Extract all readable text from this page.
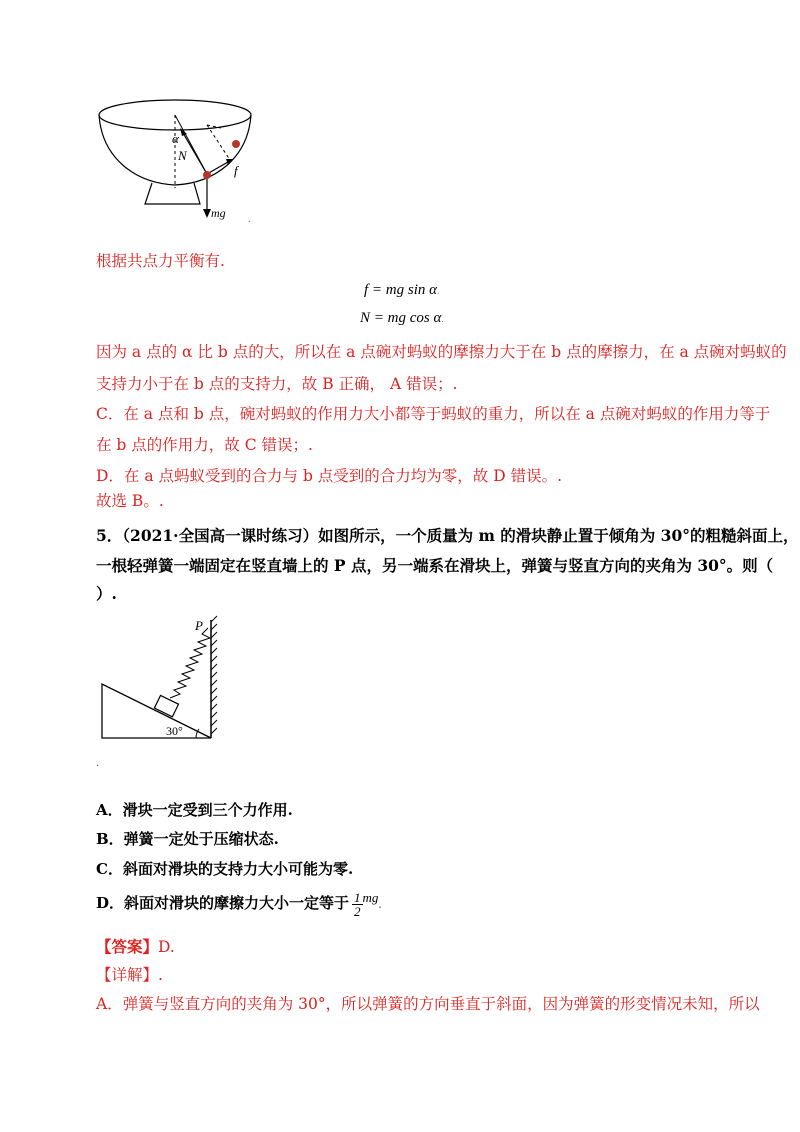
α
N
f
mg .
根据共点力平衡有.
f = mg sin α.
N = mg cos α.
因为 a 点的 α 比 b 点的大，所以在 a 点碗对蚂蚁的摩擦力大于在 b 点的摩擦力，在 a 点碗对蚂蚁的
支持力小于在 b 点的支持力，故 B 正确， A 错误；.
C．在 a 点和 b 点，碗对蚂蚁的作用力大小都等于蚂蚁的重力，所以在 a 点碗对蚂蚁的作用力等于
在 b 点的作用力，故 C 错误；.
D．在 a 点蚂蚁受到的合力与 b 点受到的合力均为零，故 D 错误。.
故选 B。.
5．（2021·全国高一课时练习）如图所示，一个质量为 m 的滑块静止置于倾角为 30°的粗糙斜面上，
一根轻弹簧一端固定在竖直墙上的 P 点，另一端系在滑块上，弹簧与竖直方向的夹角为 30°。则（
）.
P
30°
.
A．滑块一定受到三个力作用.
B．弹簧一定处于压缩状态.
C．斜面对滑块的支持力大小可能为零.
D．斜面对滑块的摩擦力大小一定等于 $\frac{1}{2}$ mg.
【答案】D.
【详解】.
A．弹簧与竖直方向的夹角为 30°，所以弹簧的方向垂直于斜面，因为弹簧的形变情况未知，所以
